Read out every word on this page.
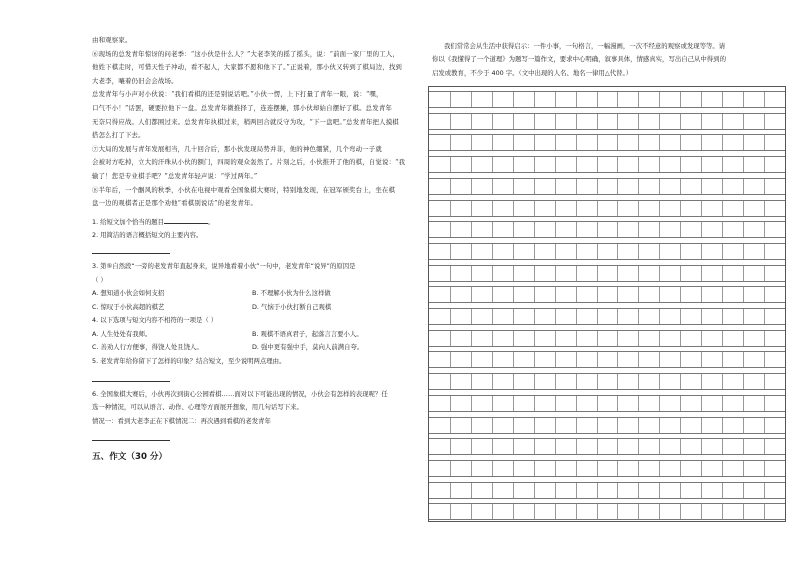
由和观察家。

⑥现场的总发青年惊讶的问老季：“这小伙是什么人？”大老李笑的摇了摇头，说：“前面一家厂里的工人，

他姓下棋走时，可惜天性子冲动，看不起人，大家都不愿和他下了。”正说着，那小伙又转到了棋局边，找到

大老李，嚷着仍旧会会战场。

总发青年与小声对小伙说：“我们看棋的还是别说话吧。”小伙一愣，上下打量了青年一眼，说：“嘿，

口气不小！”话罢，硬要拉他下一盘。总发青年微推择了，连连摆摊，那小伙却始自摆好了棋。总发青年

无奈只得应战。人们都围过来。总发青年执棋过来，稍两回合就反守为攻，“下一盘吧。”总发青年把人摸棋

搭怎么打了下去。

⑦大局的发展与青年发展相当，几十回合后，那小伙发现局势并非，他的神色绷紧，几个弯动一子就

会被对方吃掉，立大的汗珠从小伙的额门，四周的观众轰然了。片刻之后，小伙推开了他的棋，自觉说：“我

输了！您是专业棋手吧？”总发青年轻声说：“学过两年。”

⑧半年后，一个酗风的秋季，小伙在电视中观看全国象棋大赛时，特别地发现，在冠军颁奖台上，坐在棋

盘一边的观棋者正是那个劝他“看棋别说话”的老发青年。

1. 给短文加个恰当的题目	。

2. 用简洁的语言概括短文的主要内容。

3. 第⑤自然段“一旁的老发青年直起身来，说异地看着小伙”一句中，老发青年“说异”的原因是

（ ）

A. 想知道小伙会如何支招	B. 不理解小伙为什么这样做
C. 惊叹于小伙高超的棋艺	D. 气恼于小伙打断自己观棋

4. 以下选项与短文内容不相符的一项是（ ）

A. 人生处处有我师。	B. 观棋不语真君子，起落言言要小人。
C. 善劝人行方便事，得饶人处且饶人。	D. 强中更有强中手，莫向人前满自夸。

5. 老发青年给你留下了怎样的印象？结合短文，至少说明两点理由。

6. 全国象棋大赛后，小伙再次到街心公园看棋……面对以下可能出现的情况，小伙会有怎样的表现呢？任

选一种情况，可以从语言、动作、心理等方面展开想象，用几句话写下来。

情况一：看到大老李正在下棋情况二：再次遇到看棋的老发青年

五、作文（30 分）

我们常常会从生活中获得启示：一件小事，一句格言，一幅漫画，一次不经意的观察或发现等等。请

你以《我懂得了一个道理》为题写一篇作文，要求中心明确，叙事具体，情感真实，写出自己从中得到的

启发或教育，不少于 400 字。（文中出现的人名、地名一律用△代替。）
